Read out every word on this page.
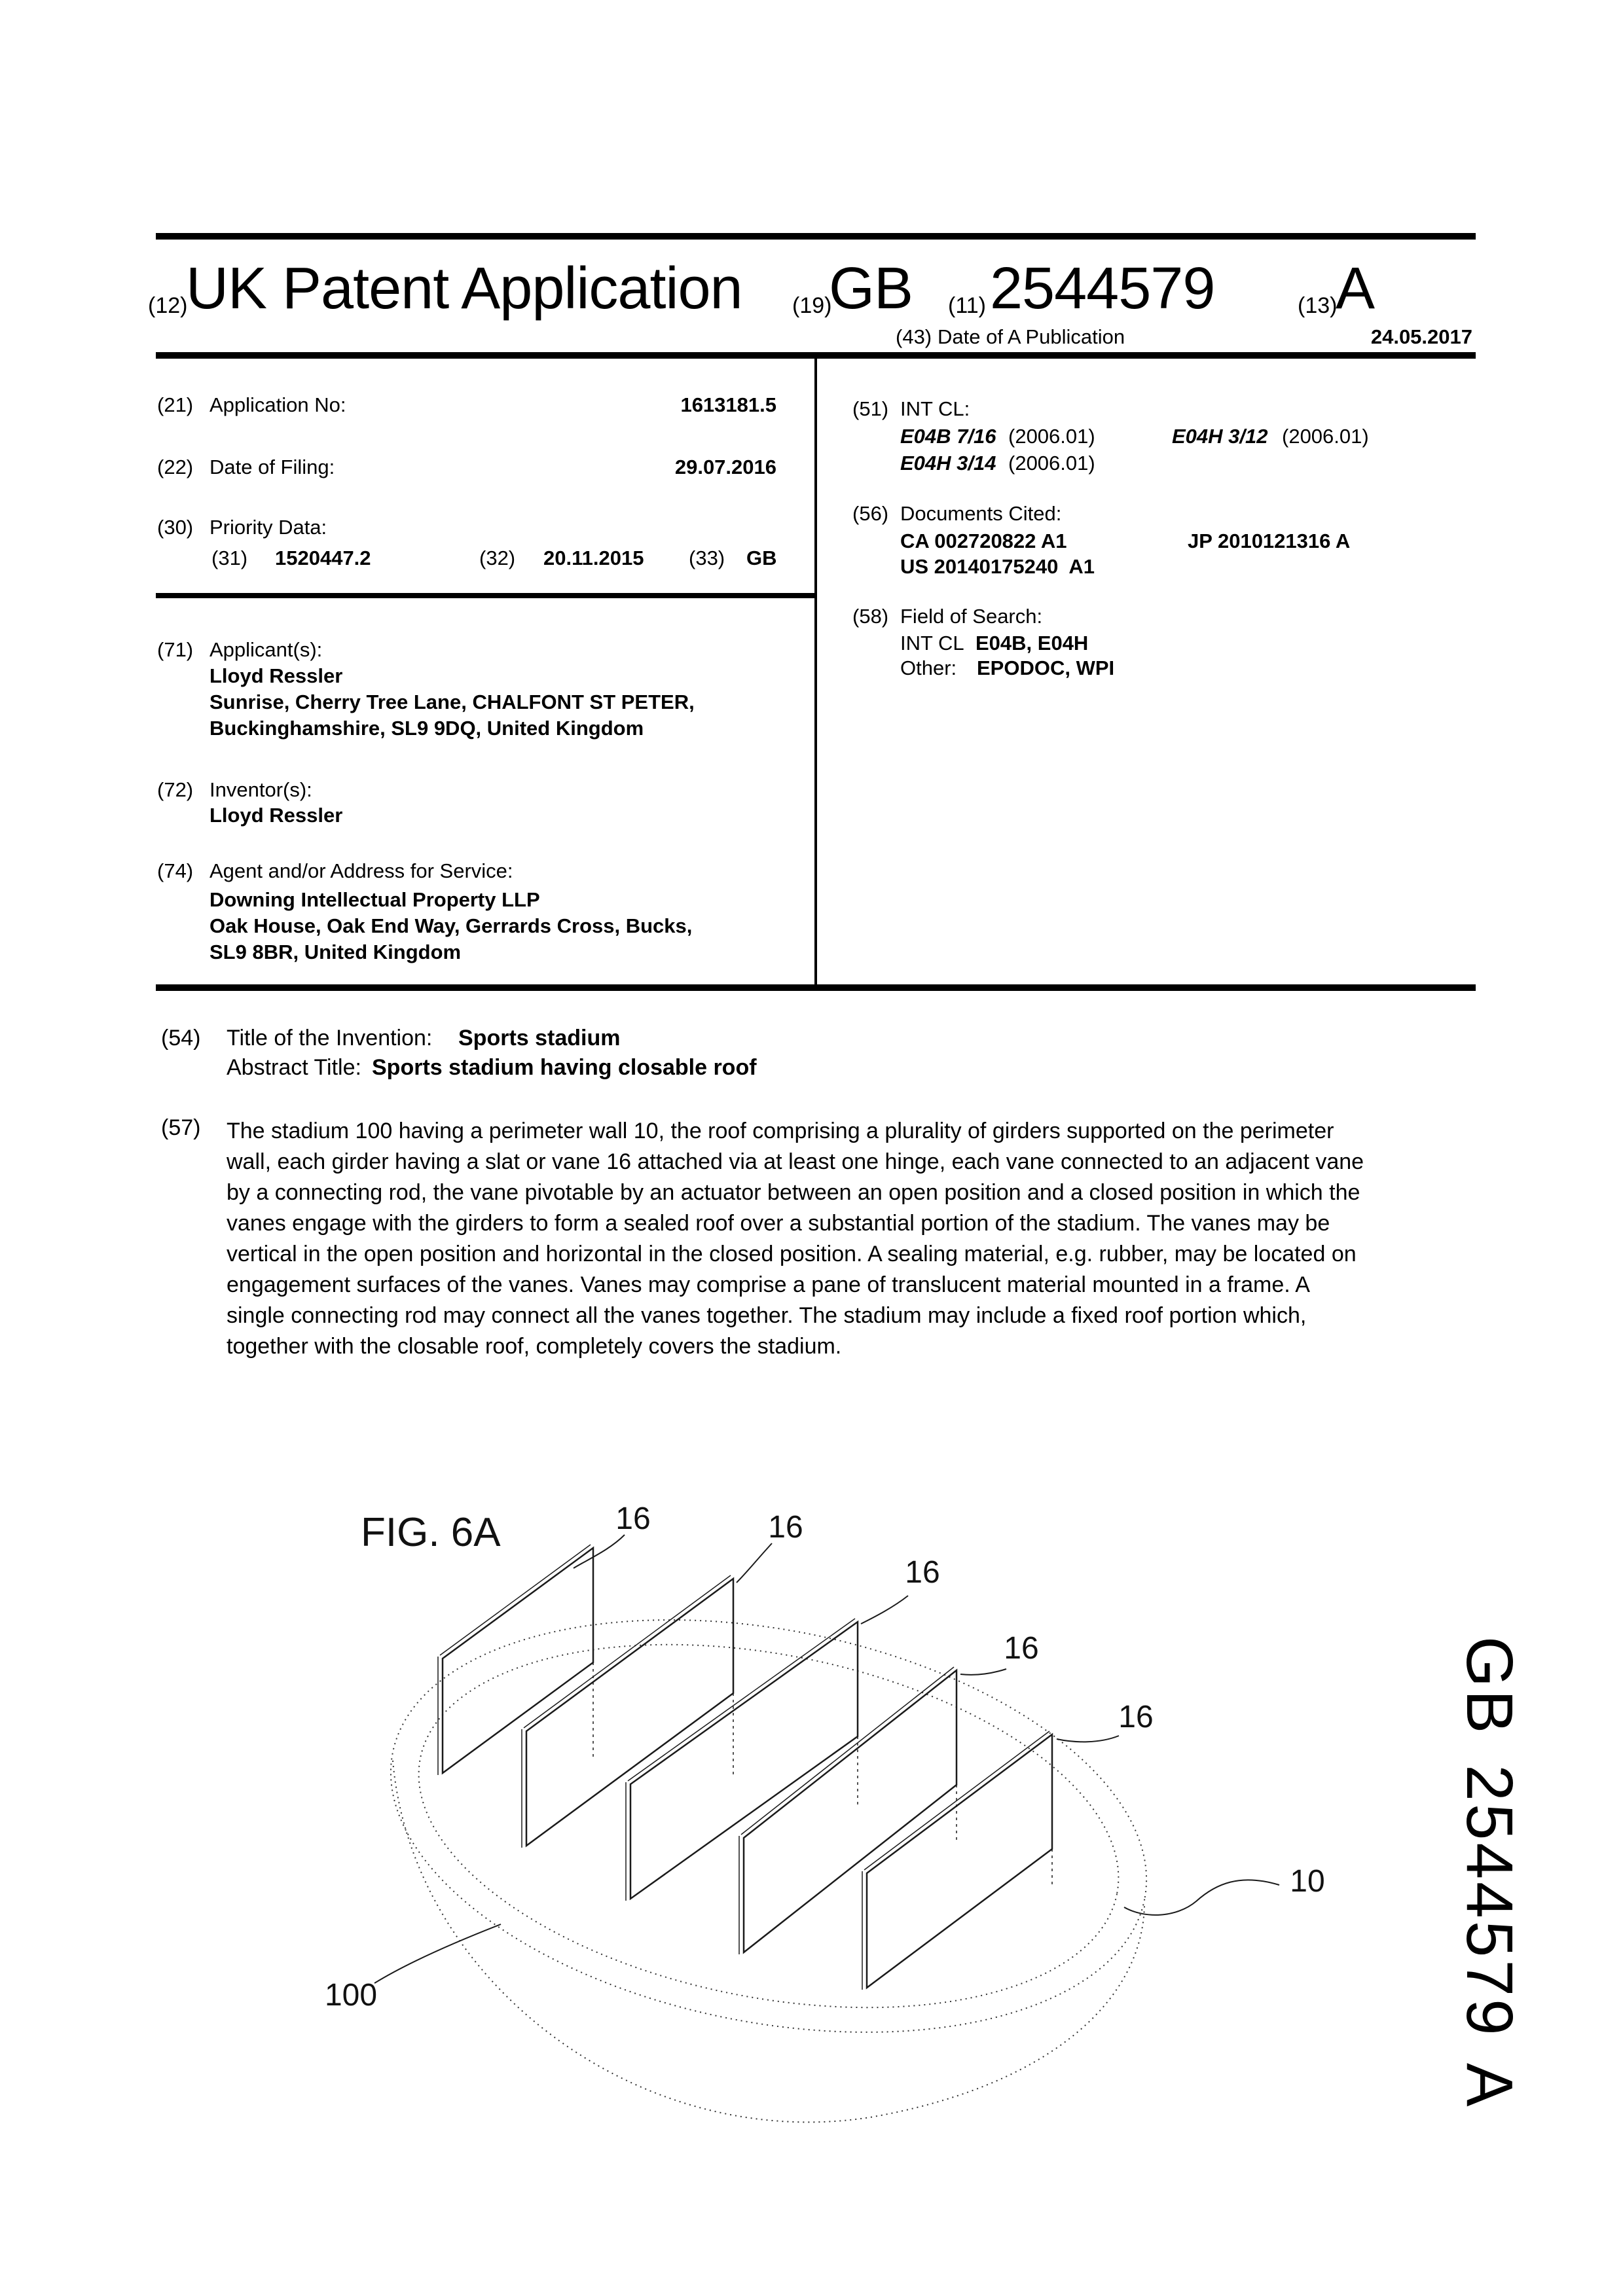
(12)
UK Patent Application (19)
GB (11) 2544579	(13)
A
(43) Date of A Publication	24.05.2017
(21) Application No:	1613181.5
(22) Date of Filing:	29.07.2016
(30) Priority Data:
(31) 1520447.2	(32) 20.11.2015 (33) GB
(71) Applicant(s):
Lloyd Ressler
Sunrise, Cherry Tree Lane, CHALFONT ST PETER,
Buckinghamshire, SL9 9DQ, United Kingdom
(72) Inventor(s):
Lloyd Ressler
(74) Agent and/or Address for Service:
Downing Intellectual Property LLP
Oak House, Oak End Way, Gerrards Cross, Bucks,
SL9 8BR, United Kingdom
(51) INT CL:
E04B 7/16 (2006.01)	E04H 3/12 (2006.01)
E04H 3/14 (2006.01)
(56) Documents Cited:
CA 002720822 A1	JP 2010121316 A
US 20140175240  A1
(58) Field of Search:
INT CL E04B, E04H
Other: EPODOC, WPI
(54) Title of the Invention: Sports stadium
Abstract Title: Sports stadium having closable roof
(57) The stadium 100 having a perimeter wall 10, the roof comprising a plurality of girders supported on the perimeter
wall, each girder having a slat or vane 16 attached via at least one hinge, each vane connected to an adjacent vane
by a connecting rod, the vane pivotable by an actuator between an open position and a closed position in which the
vanes engage with the girders to form a sealed roof over a substantial portion of the stadium. The vanes may be
vertical in the open position and horizontal in the closed position. A sealing material, e.g. rubber, may be located on
engagement surfaces of the vanes. Vanes may comprise a pane of translucent material mounted in a frame. A
single connecting rod may connect all the vanes together. The stadium may include a fixed roof portion which,
together with the closable roof, completely covers the stadium.
FIG. 6A	16	16
16
16
16
10
100	GB 2544579 A
